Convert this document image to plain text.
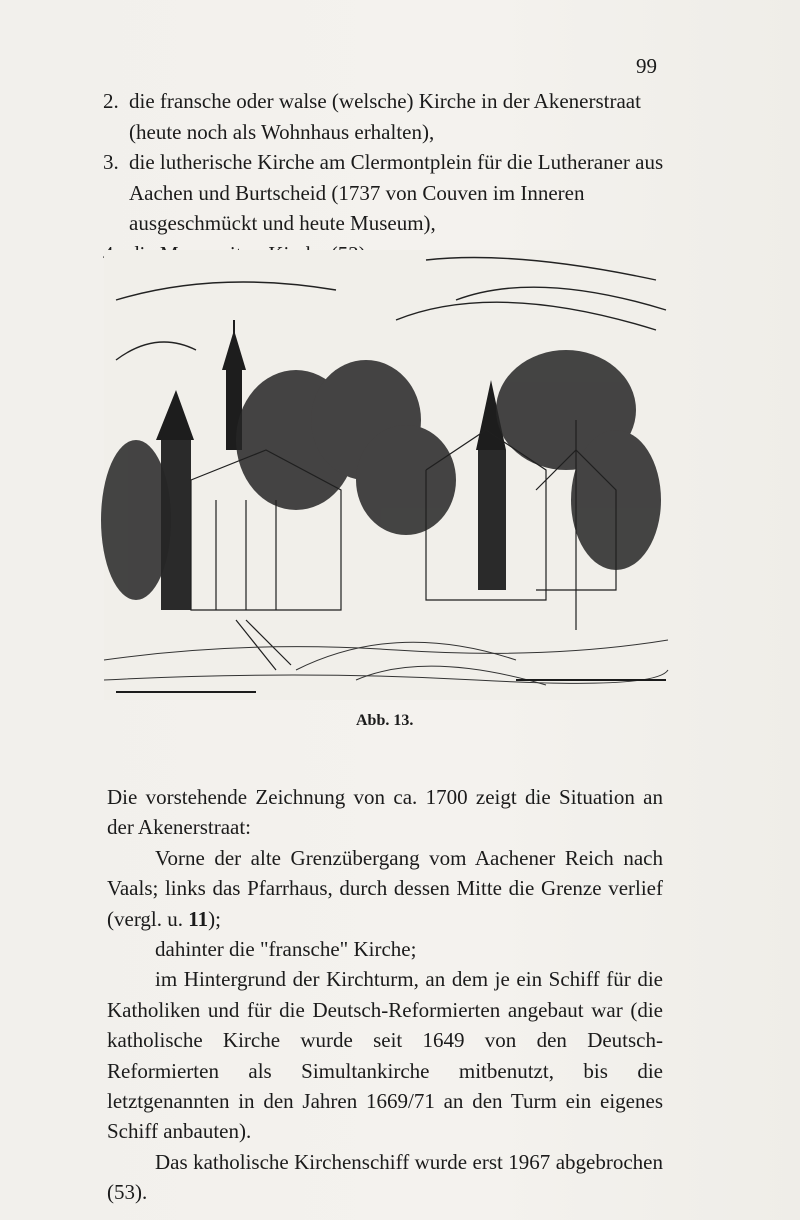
99
2. die fransche oder walse (welsche) Kirche in der Akenerstraat (heute noch als Wohnhaus erhalten),
3. die lutherische Kirche am Clermontplein für die Lutheraner aus Aachen und Burtscheid (1737 von Couven im Inneren ausgeschmückt und heute Museum),
Abb. 13.

Die vorstehende Zeichnung von ca. 1700 zeigt die Situation an der Akenerstraat:

Vorne der alte Grenzübergang vom Aachener Reich nach Vaals; links das Pfarrhaus, durch dessen Mitte die Grenze verlief (vergl. u. 11);

dahinter die "fransche" Kirche;

im Hintergrund der Kirchturm, an dem je ein Schiff für die Katholiken und für die Deutsch-Reformierten angebaut war (die katholische Kirche wurde seit 1649 von den Deutsch-Reformierten als Simultankirche mitbenutzt, bis die letztgenannten in den Jahren 1669/71 an den Turm ein eigenes Schiff anbauten).

Das katholische Kirchenschiff wurde erst 1967 abgebrochen (53).
